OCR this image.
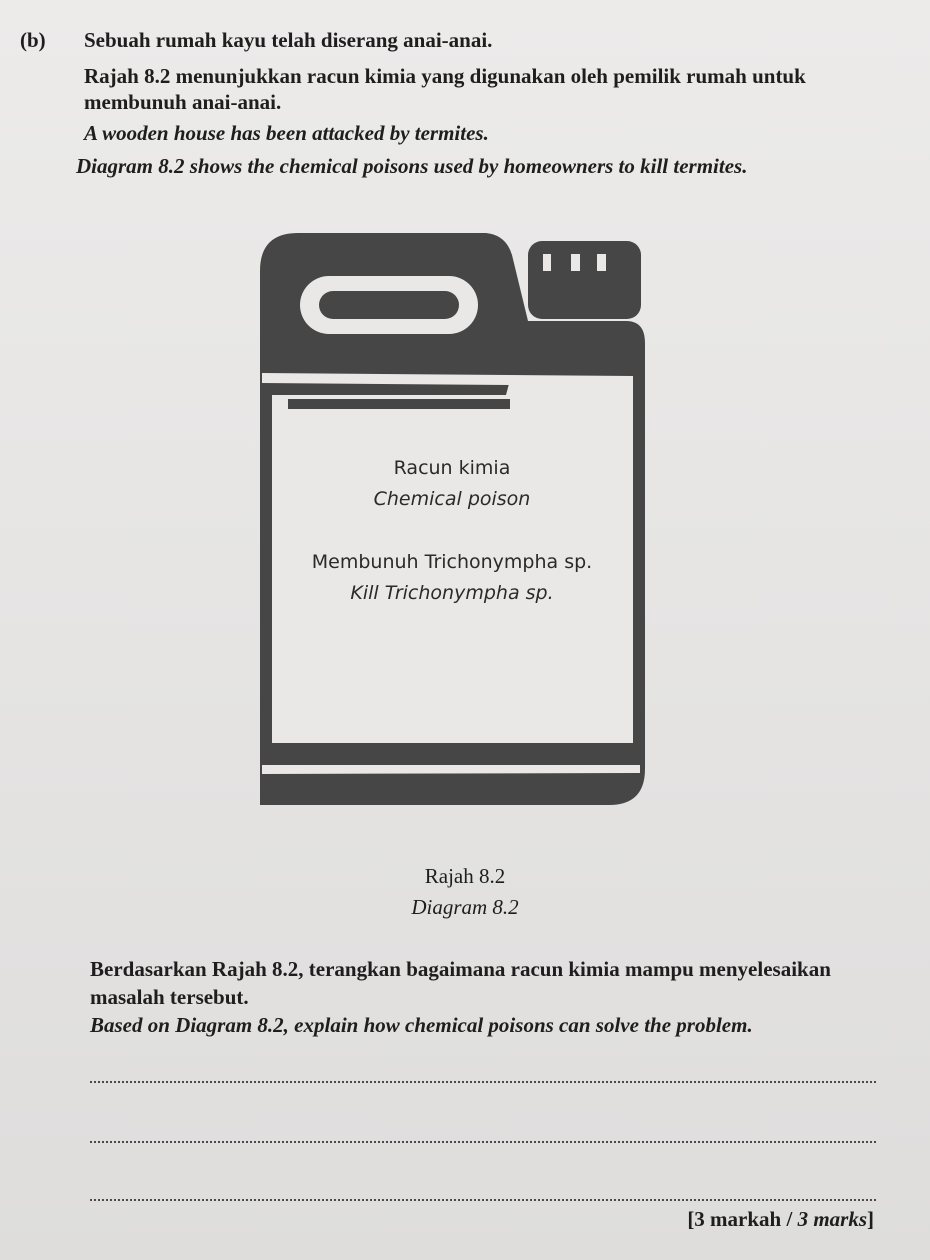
(b) Sebuah rumah kayu telah diserang anai-anai.
Rajah 8.2 menunjukkan racun kimia yang digunakan oleh pemilik rumah untuk
membunuh anai-anai.
A wooden house has been attacked by termites.
Diagram 8.2 shows the chemical poisons used by homeowners to kill termites.
Racun kimia
Chemical poison
Membunuh Trichonympha sp.
Kill Trichonympha sp.
Rajah 8.2
Diagram 8.2
Berdasarkan Rajah 8.2, terangkan bagaimana racun kimia mampu menyelesaikan
masalah tersebut.
Based on Diagram 8.2, explain how chemical poisons can solve the problem.
[3 markah / 3 marks]
